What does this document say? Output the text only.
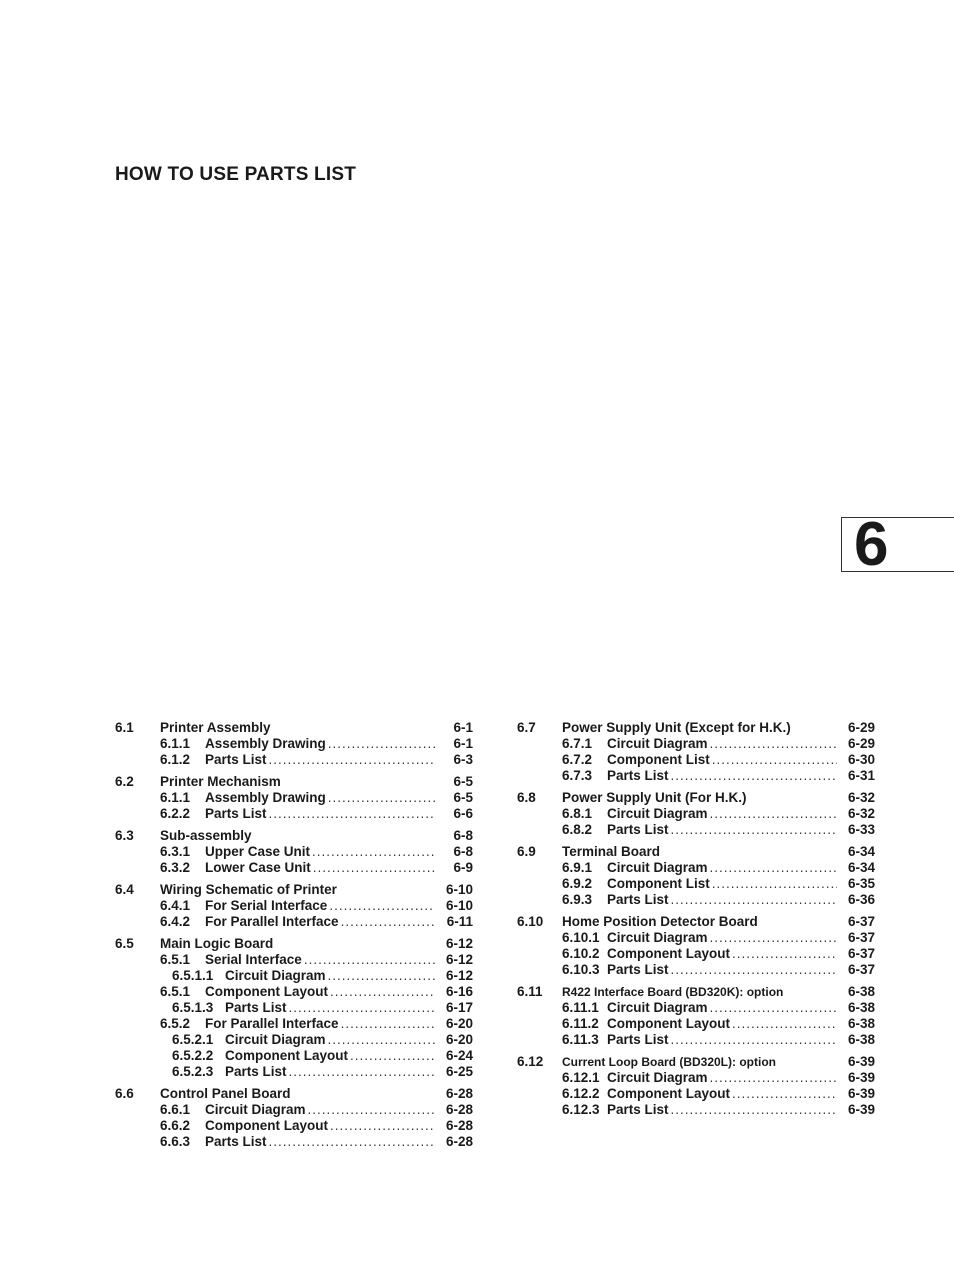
HOW TO USE PARTS LIST
6
6.1	Printer Assembly	6-1
6.1.1	Assembly Drawing .....	6-1
6.1.2	Parts List .....	6-3
6.2	Printer Mechanism	6-5
6.1.1	Assembly Drawing .....	6-5
6.2.2	Parts List .....	6-6
6.3	Sub-assembly	6-8
6.3.1	Upper Case Unit .....	6-8
6.3.2	Lower Case Unit .....	6-9
6.4	Wiring Schematic of Printer	6-10
6.4.1	For Serial Interface .....	6-10
6.4.2	For Parallel Interface .....	6-11
6.5	Main Logic Board	6-12
6.5.1	Serial Interface .....	6-12
6.5.1.1 Circuit Diagram .....	6-12
6.5.1	Component Layout .....	6-16
6.5.1.3 Parts List .....	6-17
6.5.2	For Parallel Interface .....	6-20
6.5.2.1 Circuit Diagram .....	6-20
6.5.2.2 Component Layout .....	6-24
6.5.2.3 Parts List .....	6-25
6.6	Control Panel Board	6-28
6.6.1	Circuit Diagram .....	6-28
6.6.2	Component Layout .....	6-28
6.6.3	Parts List .....	6-28
6.7	Power Supply Unit (Except for H.K.)	6-29
6.7.1	Circuit Diagram .....	6-29
6.7.2	Component List .....	6-30
6.7.3	Parts List .....	6-31
6.8	Power Supply Unit (For H.K.)	6-32
6.8.1	Circuit Diagram .....	6-32
6.8.2	Parts List .....	6-33
6.9	Terminal Board	6-34
6.9.1	Circuit Diagram .....	6-34
6.9.2	Component List .....	6-35
6.9.3	Parts List .....	6-36
6.10	Home Position Detector Board	6-37
6.10.1 Circuit Diagram .....	6-37
6.10.2 Component Layout .....	6-37
6.10.3 Parts List .....	6-37
6.11	R422 Interface Board (BD320K): option	6-38
6.11.1 Circuit Diagram .....	6-38
6.11.2 Component Layout .....	6-38
6.11.3 Parts List .....	6-38
6.12	Current Loop Board (BD320L): option	6-39
6.12.1 Circuit Diagram .....	6-39
6.12.2 Component Layout .....	6-39
6.12.3 Parts List .....	6-39
